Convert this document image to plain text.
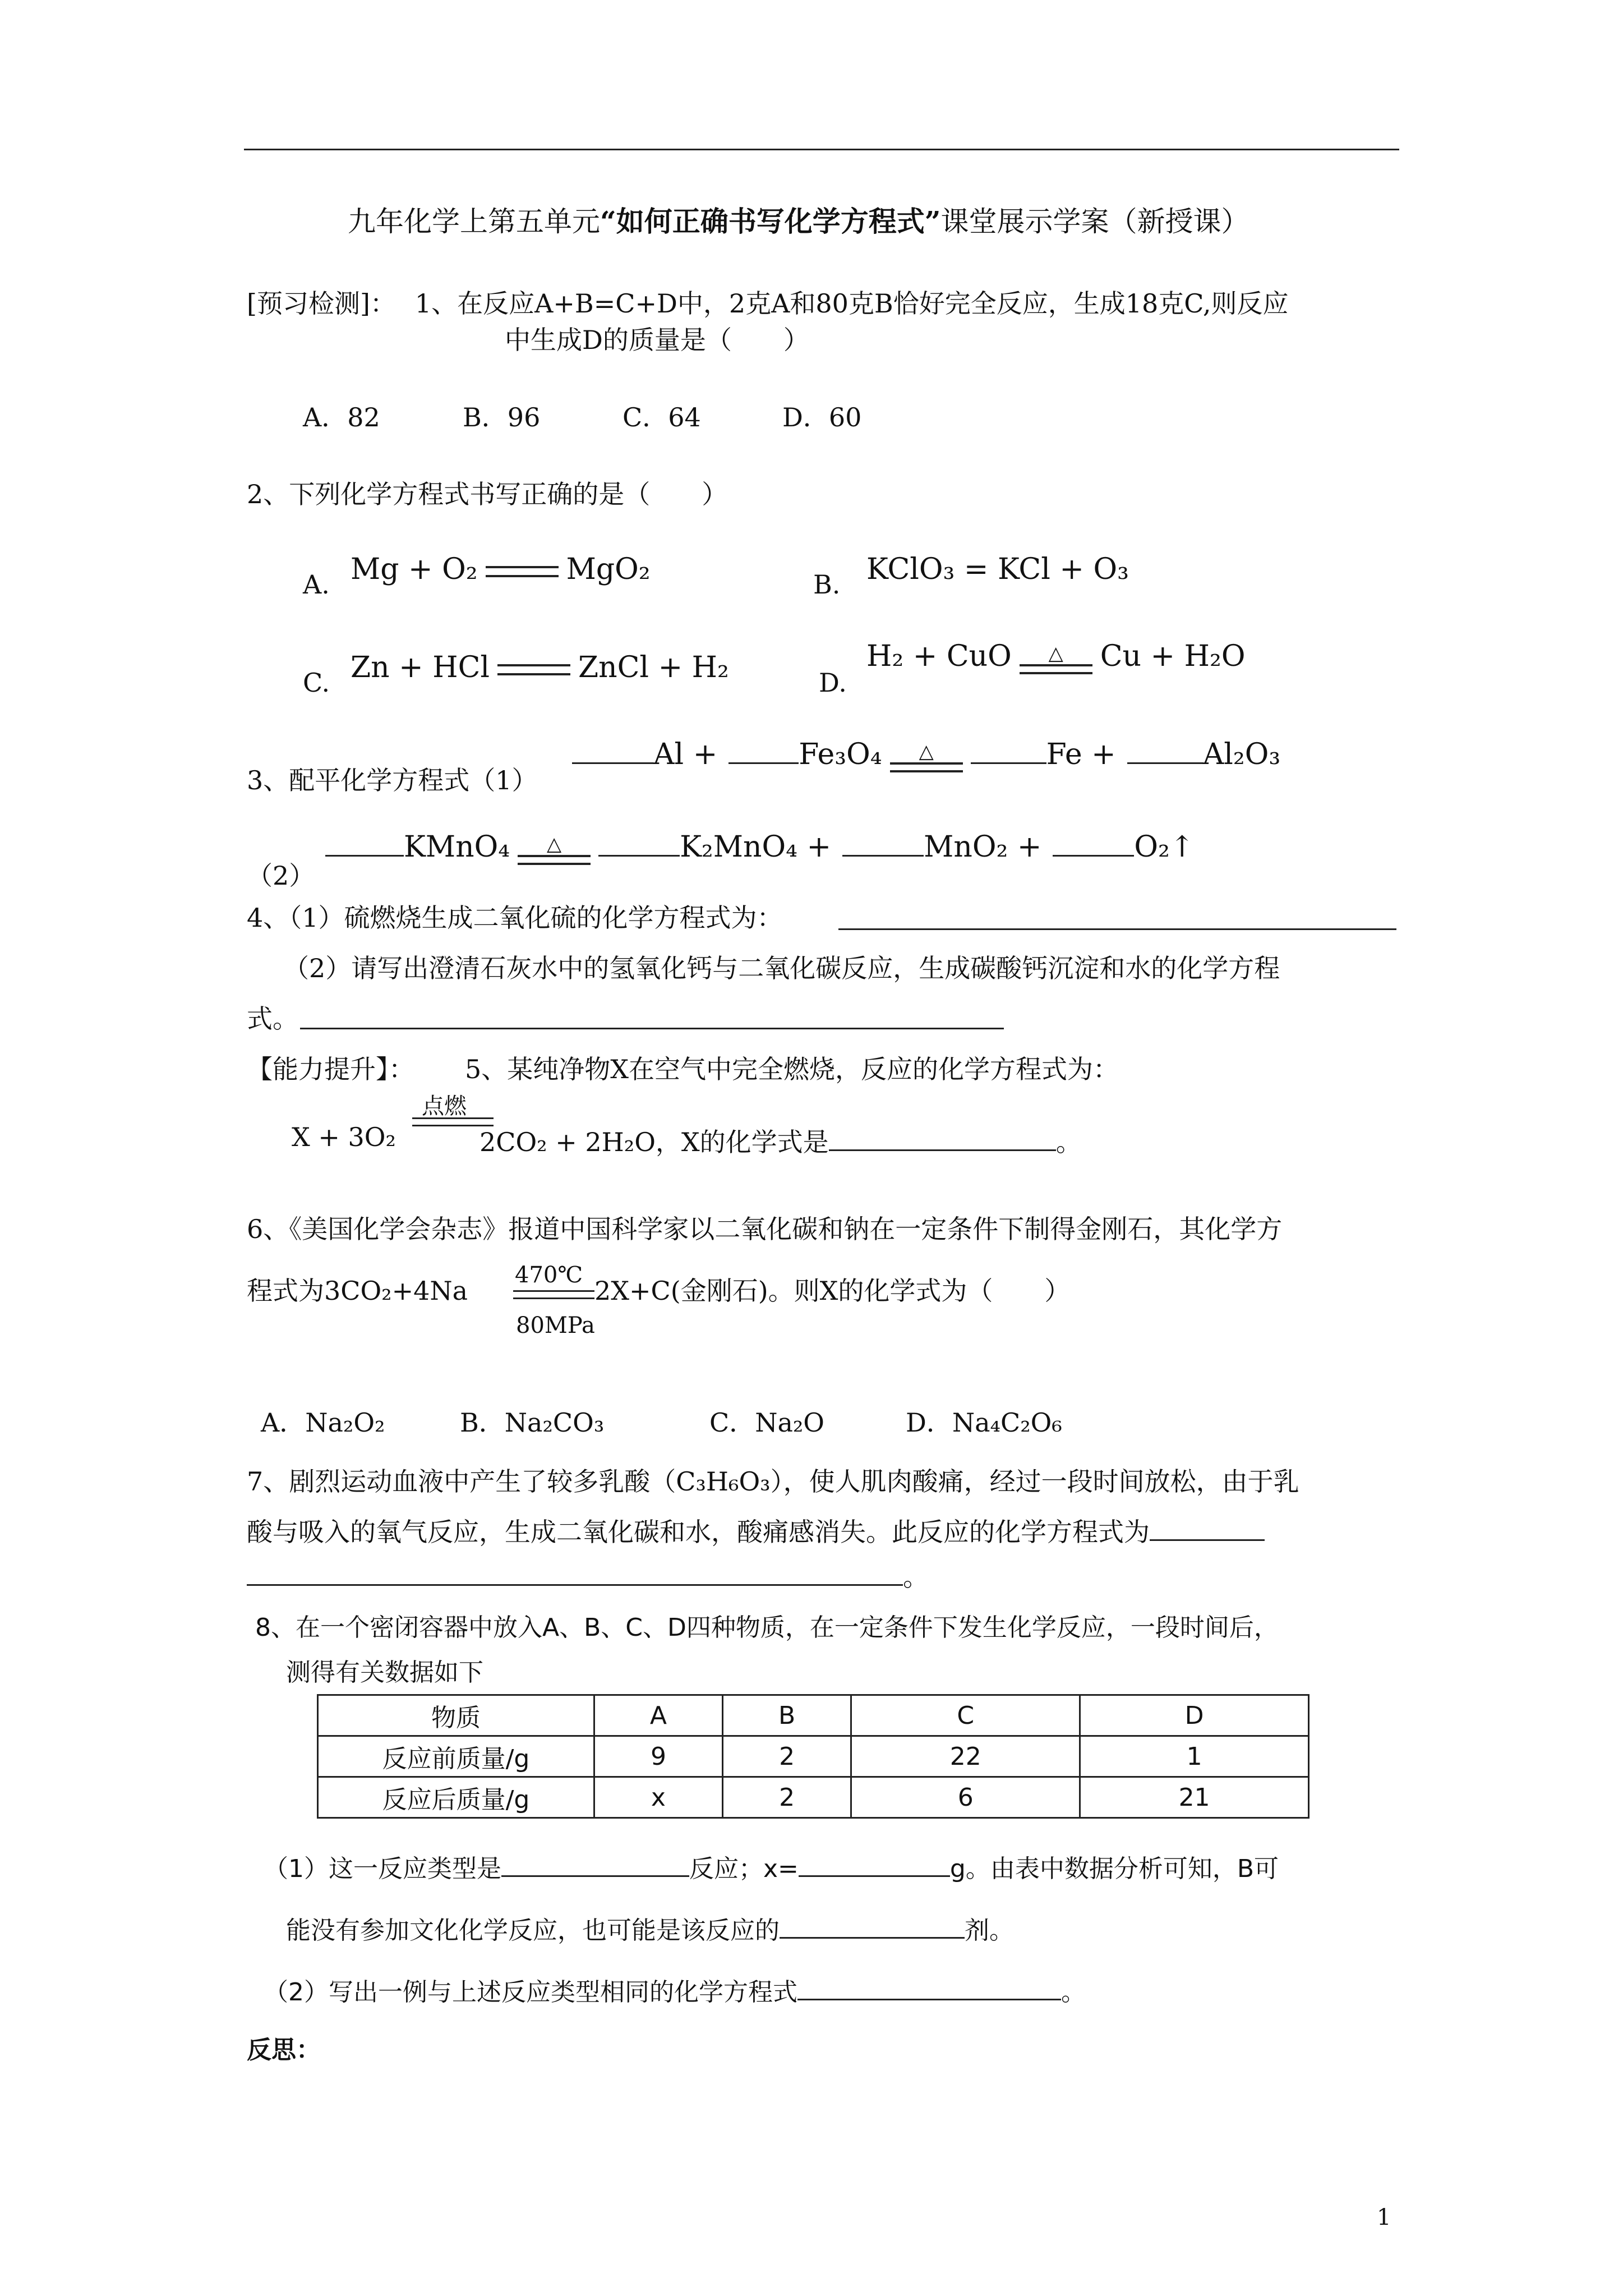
九年化学上第五单元“如何正确书写化学方程式”课堂展示学案（新授课）
[预习检测]： 1、在反应A+B=C+D中，2克A和80克B恰好完全反应，生成18克C,则反应
中生成D的质量是（　　）
A．82	B．96	C．64	D．60
2、下列化学方程式书写正确的是（　　）
A. Mg + O₂	MgO₂	B. KClO₃ = KCl + O₃
C. Zn + HCl	ZnCl + H₂	D.
H₂ + CuO △ Cu + H₂O
3、配平化学方程式（1）
Al +	Fe₃O₄ △	Fe +	Al₂O₃
（2）
KMnO₄ △	K₂MnO₄ +	MnO₂ +	O₂↑
4、（1）硫燃烧生成二氧化硫的化学方程式为：
（2）请写出澄清石灰水中的氢氧化钙与二氧化碳反应，生成碳酸钙沉淀和水的化学方程
式。
【能力提升】： 5、某纯净物X在空气中完全燃烧，反应的化学方程式为：
点燃
X + 3O₂	2CO₂ + 2H₂O，X的化学式是	。
6、《美国化学会杂志》报道中国科学家以二氧化碳和钠在一定条件下制得金刚石，其化学方
程式为3CO₂+4Na
470℃
80MPa
2X+C(金刚石)。则X的化学式为（　　）
A．Na₂O₂	B．Na₂CO₃	C．Na₂O	D．Na₄C₂O₆
7、剧烈运动血液中产生了较多乳酸（C₃H₆O₃），使人肌肉酸痛，经过一段时间放松，由于乳
酸与吸入的氧气反应，生成二氧化碳和水，酸痛感消失。此反应的化学方程式为
。
8、在一个密闭容器中放入A、B、C、D四种物质，在一定条件下发生化学反应，一段时间后，
测得有关数据如下
物质	A	B	C	D
反应前质量/g	9	2	22	1
反应后质量/g	x	2	6	21
（1）这一反应类型是	反应；x=	g。由表中数据分析可知，B可
能没有参加文化化学反应，也可能是该反应的	剂。
（2）写出一例与上述反应类型相同的化学方程式	。
反思：
1
